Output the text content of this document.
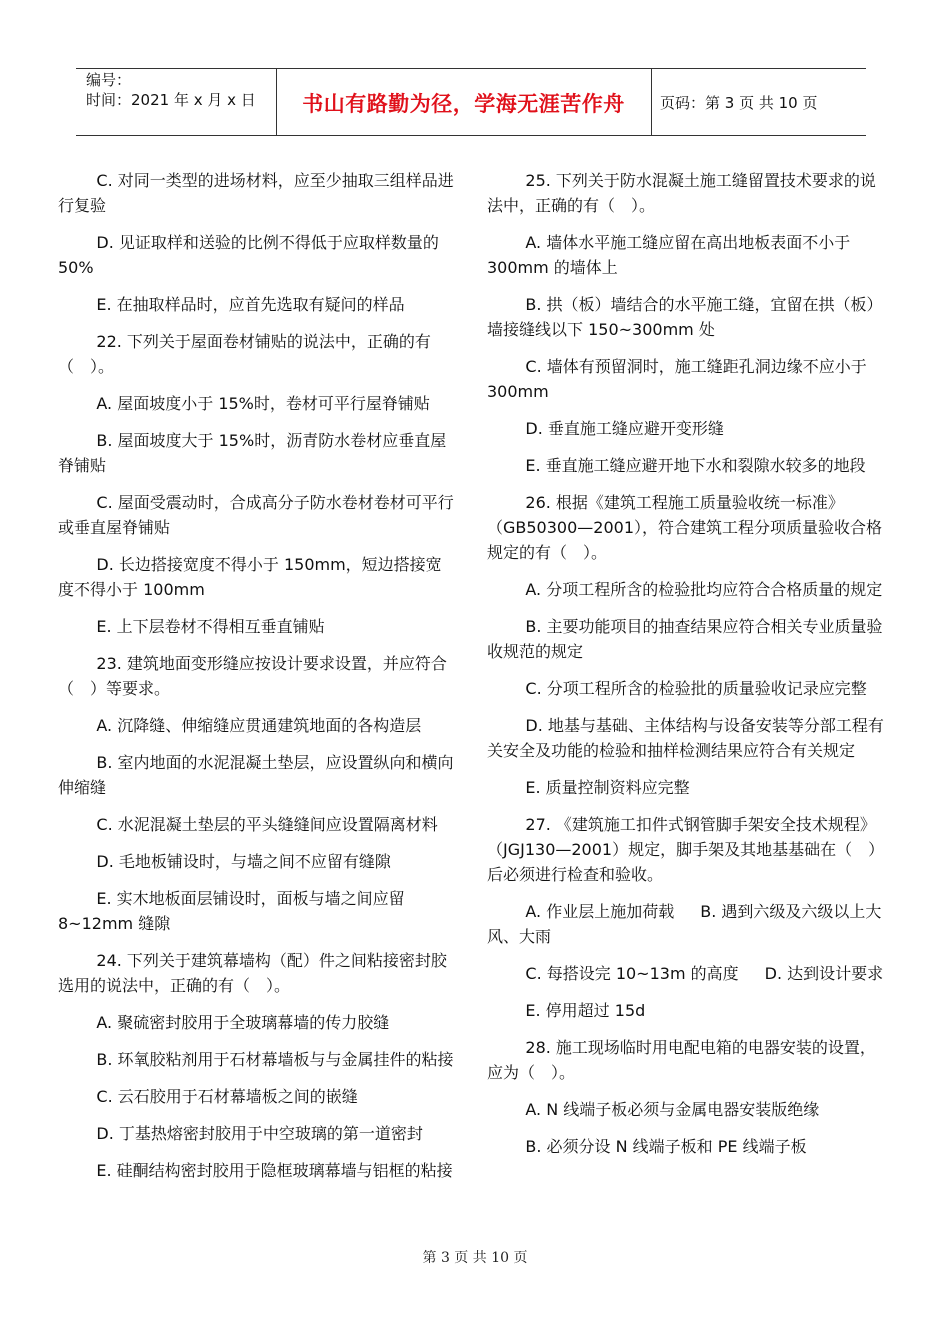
编号：
时间：2021 年 x 月 x 日	书山有路勤为径，学海无涯苦作舟	页码：第 3 页 共 10 页

C. 对同一类型的进场材料，应至少抽取三组样品进行复验

D. 见证取样和送验的比例不得低于应取样数量的 50%

E. 在抽取样品时，应首先选取有疑问的样品

22. 下列关于屋面卷材铺贴的说法中，正确的有（　）。

A. 屋面坡度小于 15%时，卷材可平行屋脊铺贴

B. 屋面坡度大于 15%时，沥青防水卷材应垂直屋脊铺贴

C. 屋面受震动时，合成高分子防水卷材卷材可平行或垂直屋脊铺贴

D. 长边搭接宽度不得小于 150mm，短边搭接宽度不得小于 100mm

E. 上下层卷材不得相互垂直铺贴

23. 建筑地面变形缝应按设计要求设置，并应符合（　）等要求。

A. 沉降缝、伸缩缝应贯通建筑地面的各构造层

B. 室内地面的水泥混凝土垫层，应设置纵向和横向伸缩缝

C. 水泥混凝土垫层的平头缝缝间应设置隔离材料

D. 毛地板铺设时，与墙之间不应留有缝隙

E. 实木地板面层铺设时，面板与墙之间应留 8~12mm 缝隙

24. 下列关于建筑幕墙构（配）件之间粘接密封胶选用的说法中，正确的有（　）。

A. 聚硫密封胶用于全玻璃幕墙的传力胶缝

B. 环氧胶粘剂用于石材幕墙板与与金属挂件的粘接

C. 云石胶用于石材幕墙板之间的嵌缝

D. 丁基热熔密封胶用于中空玻璃的第一道密封

E. 硅酮结构密封胶用于隐框玻璃幕墙与铝框的粘接

25. 下列关于防水混凝土施工缝留置技术要求的说法中，正确的有（　）。

A. 墙体水平施工缝应留在高出地板表面不小于 300mm 的墙体上

B. 拱（板）墙结合的水平施工缝，宜留在拱（板）墙接缝线以下 150~300mm 处

C. 墙体有预留洞时，施工缝距孔洞边缘不应小于 300mm

D. 垂直施工缝应避开变形缝

E. 垂直施工缝应避开地下水和裂隙水较多的地段

26. 根据《建筑工程施工质量验收统一标准》（GB50300—2001），符合建筑工程分项质量验收合格规定的有（　）。

A. 分项工程所含的检验批均应符合合格质量的规定

B. 主要功能项目的抽查结果应符合相关专业质量验收规范的规定

C. 分项工程所含的检验批的质量验收记录应完整

D. 地基与基础、主体结构与设备安装等分部工程有关安全及功能的检验和抽样检测结果应符合有关规定

E. 质量控制资料应完整

27. 《建筑施工扣件式钢管脚手架安全技术规程》（JGJ130—2001）规定，脚手架及其地基基础在（　）后必须进行检查和验收。

A. 作业层上施加荷载 B. 遇到六级及六级以上大风、大雨

C. 每搭设完 10~13m 的高度 D. 达到设计要求

E. 停用超过 15d

28. 施工现场临时用电配电箱的电器安装的设置，应为（　）。

A. N 线端子板必须与金属电器安装版绝缘

B. 必须分设 N 线端子板和 PE 线端子板

第 3 页 共 10 页
